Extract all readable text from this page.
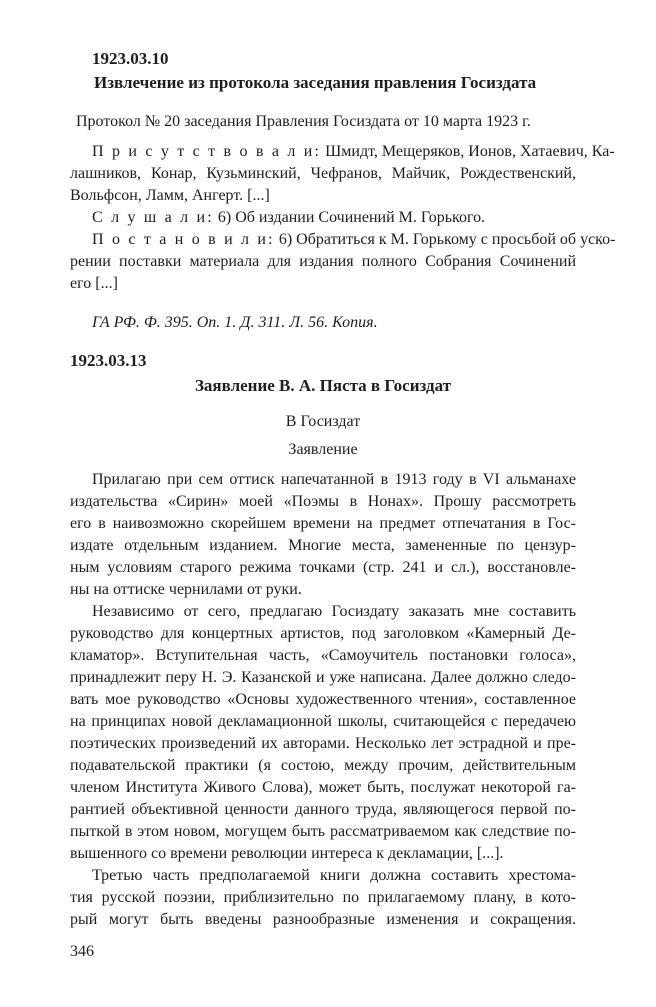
1923.03.10
Извлечение из протокола заседания правления Госиздата
Протокол № 20 заседания Правления Госиздата от 10 марта 1923 г.
П р и с у т с т в о в а л и: Шмидт, Мещеряков, Ионов, Хатаевич, Ка-
лашников, Конар, Кузьминский, Чефранов, Майчик, Рождественский,
Вольфсон, Ламм, Ангерт. [...]
С л у ш а л и: 6) Об издании Сочинений М. Горького.
П о с т а н о в и л и: 6) Обратиться к М. Горькому с просьбой об уско-
рении поставки материала для издания полного Собрания Сочинений
его [...]
ГА РФ. Ф. 395. Оп. 1. Д. 311. Л. 56. Копия.
1923.03.13
Заявление В. А. Пяста в Госиздат
В Госиздат
Заявление
Прилагаю при сем оттиск напечатанной в 1913 году в VI альманахе
издательства «Сирин» моей «Поэмы в Нонах». Прошу рассмотреть
его в наивозможно скорейшем времени на предмет отпечатания в Гос-
издате отдельным изданием. Многие места, замененные по цензур-
ным условиям старого режима точками (стр. 241 и сл.), восстановле-
ны на оттиске чернилами от руки.
Независимо от сего, предлагаю Госиздату заказать мне составить
руководство для концертных артистов, под заголовком «Камерный Де-
кламатор». Вступительная часть, «Самоучитель постановки голоса»,
принадлежит перу Н. Э. Казанской и уже написана. Далее должно следо-
вать мое руководство «Основы художественного чтения», составленное
на принципах новой декламационной школы, считающейся с передачею
поэтических произведений их авторами. Несколько лет эстрадной и пре-
подавательской практики (я состою, между прочим, действительным
членом Института Живого Слова), может быть, послужат некоторой га-
рантией объективной ценности данного труда, являющегося первой по-
пыткой в этом новом, могущем быть рассматриваемом как следствие по-
вышенного со времени революции интереса к декламации, [...].
Третью часть предполагаемой книги должна составить хрестома-
тия русской поэзии, приблизительно по прилагаемому плану, в кото-
рый могут быть введены разнообразные изменения и сокращения.
346
